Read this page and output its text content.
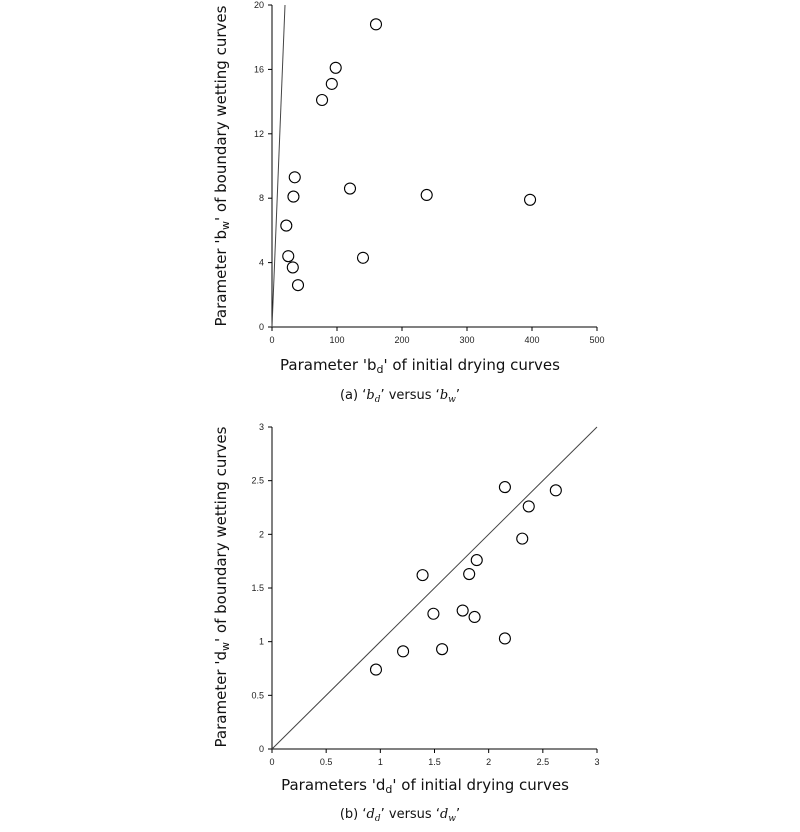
0	100	200	300	400	500
0
4
8
12
16
20
Parameter '$b_d$' of initial drying curves
Parameter '$b_w$' of boundary wetting curves
(a) ‘$b_d$’ versus ‘$b_w$’
0	0.5	1	1.5	2	2.5	3
0
0.5
1
1.5
2
2.5
3
Parameters '$d_d$' of initial drying curves
Parameter '$d_w$' of boundary wetting curves
(b) ‘$d_d$’ versus ‘$d_w$’
